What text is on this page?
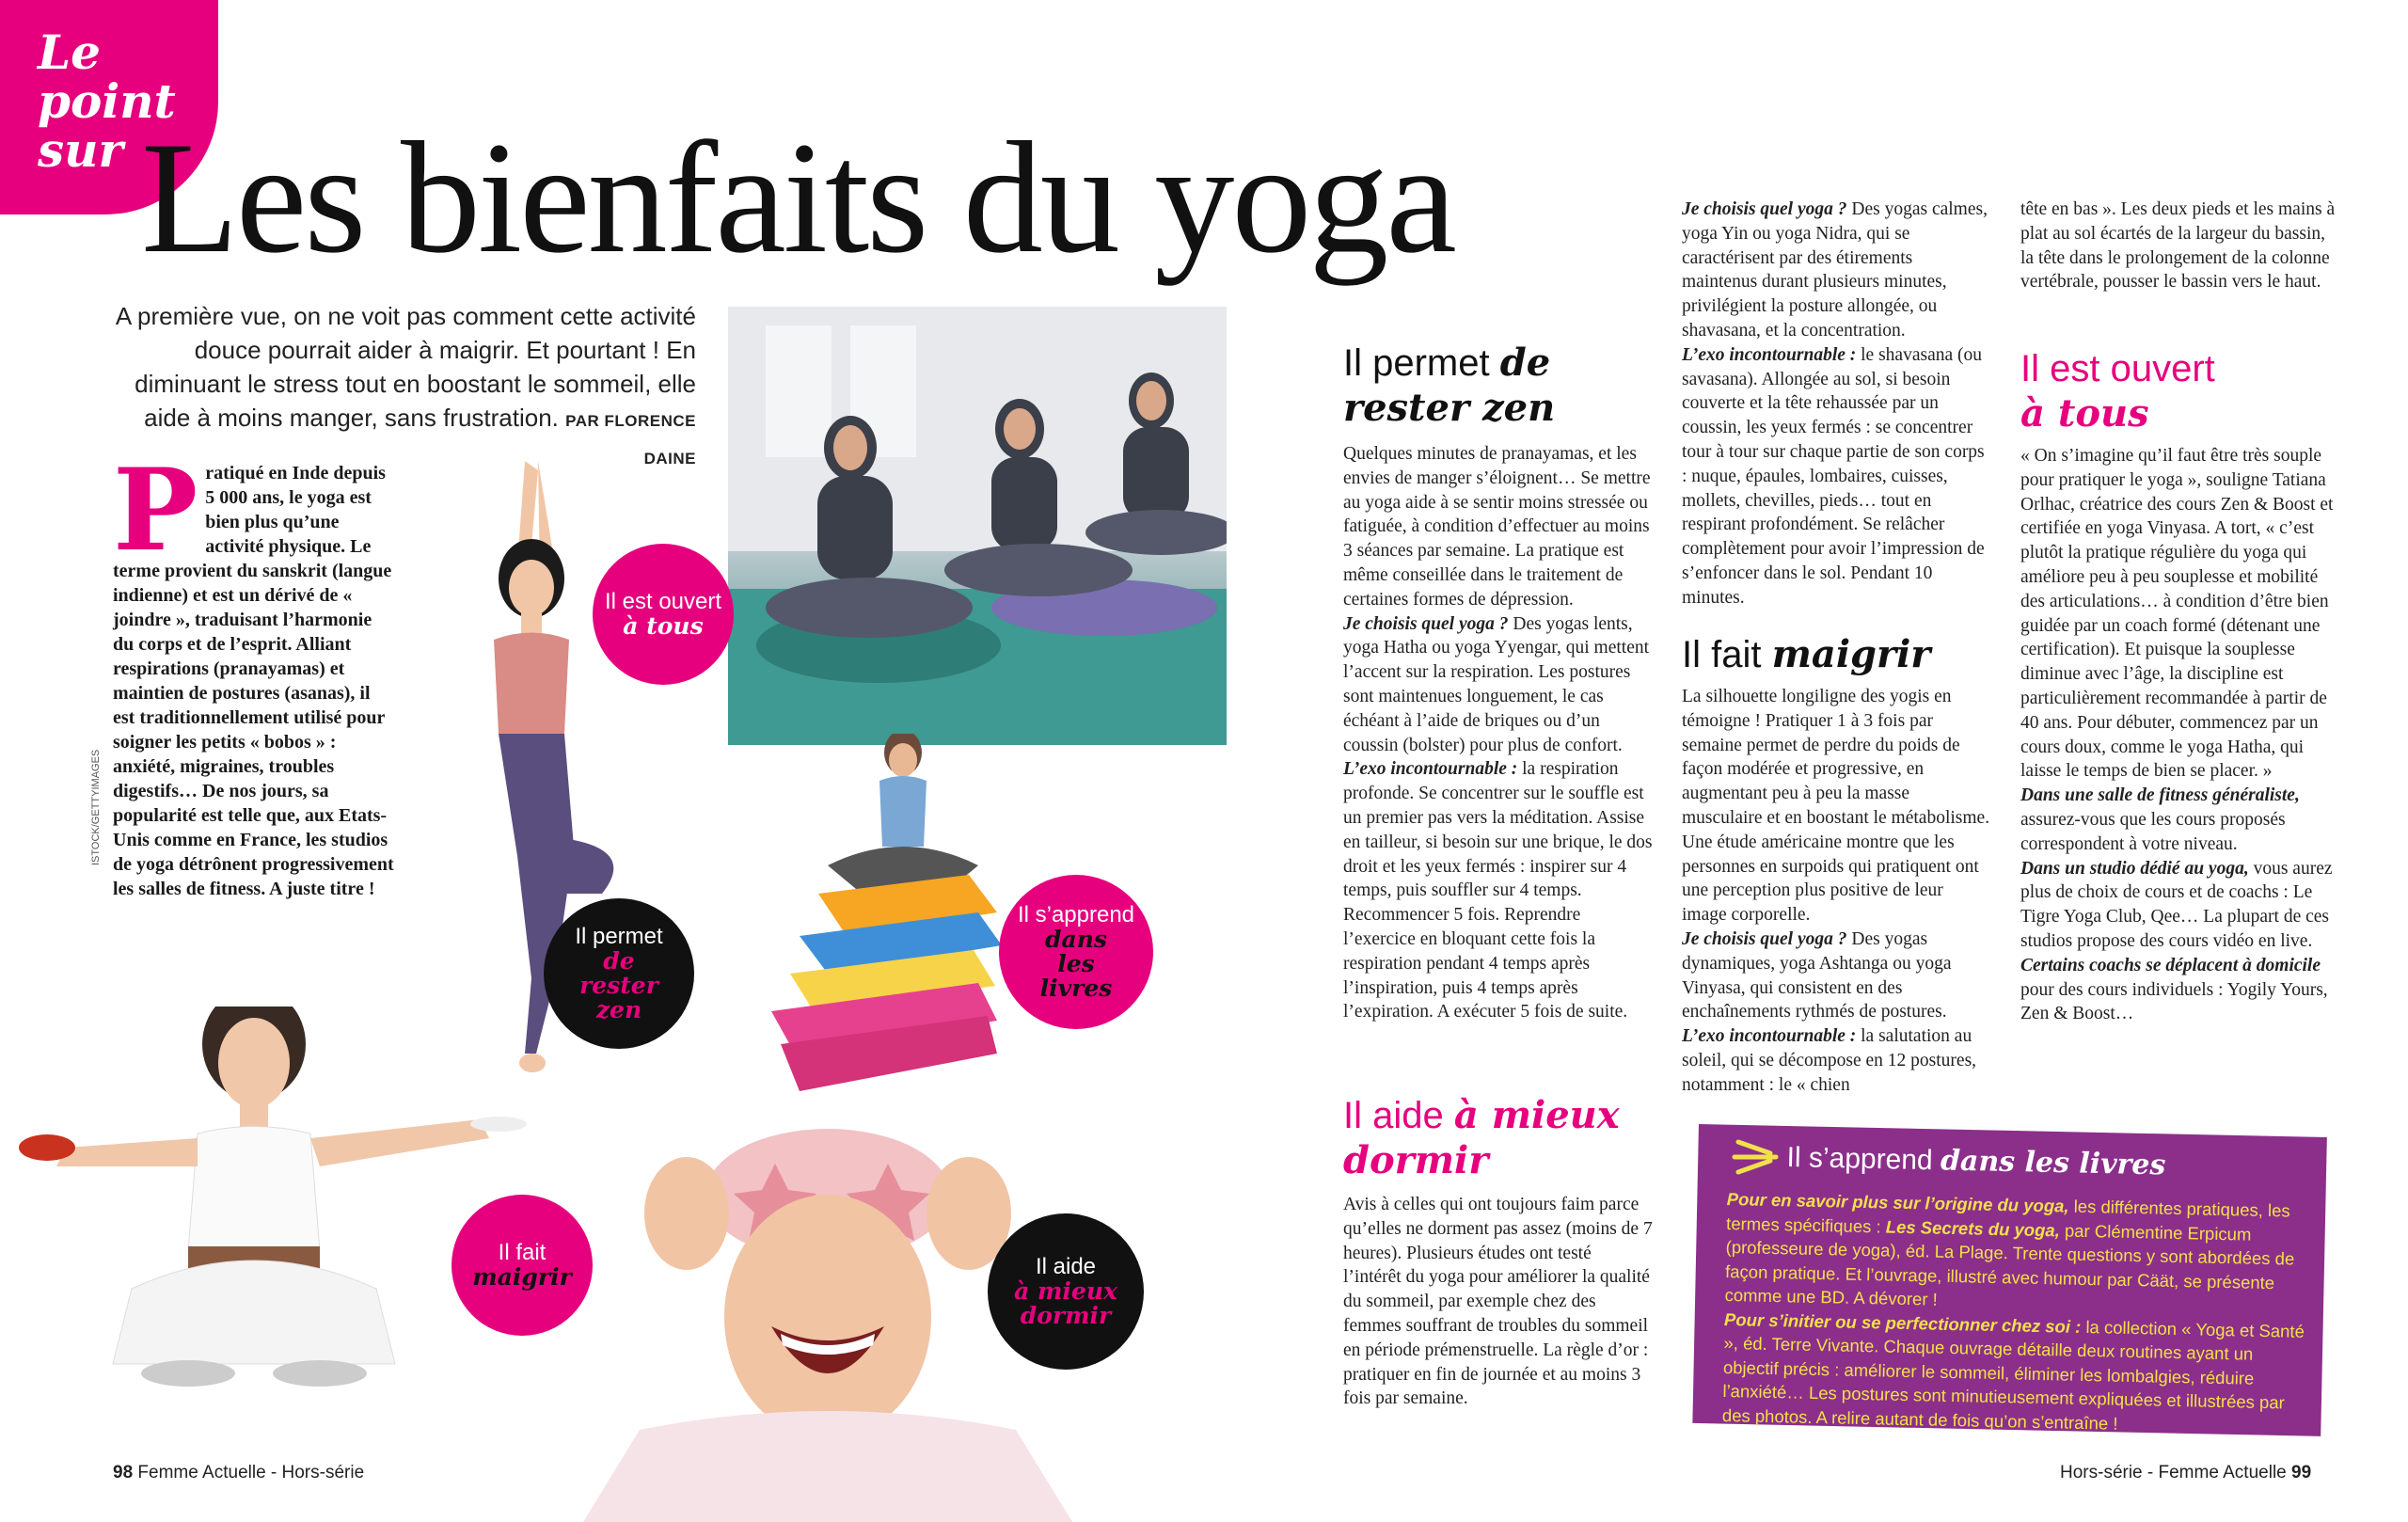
Le
point
sur Les bienfaits du yoga
A première vue, on ne voit pas comment cette activité douce pourrait aider à maigrir. Et pourtant ! En diminuant le stress tout en boostant le sommeil, elle aide à moins manger, sans frustration. PAR FLORENCE DAINE
P ratiqué en Inde depuis 5 000 ans, le yoga est bien plus qu’une activité physique. Le terme provient du sanskrit (langue indienne) et est un dérivé de « joindre », traduisant l’harmonie du corps et de l’esprit. Alliant respirations (pranayamas) et maintien de postures (asanas), il est traditionnellement utilisé pour soigner les petits « bobos » : anxiété, migraines, troubles digestifs… De nos jours, sa popularité est telle que, aux Etats-Unis comme en France, les studios de yoga détrônent progressivement les salles de fitness. A juste titre !
ISTOCK/GETTYIMAGES
Il est ouvert
à tous
Il permet
de rester zen
Il s’apprend
dans les livres
Il fait
maigrir	Il aide
à mieux dormir
Il permet de rester zen

Quelques minutes de pranayamas, et les envies de manger s’éloignent… Se mettre au yoga aide à se sentir moins stressée ou fatiguée, à condition d’effectuer au moins 3 séances par semaine. La pratique est même conseillée dans le traitement de certaines formes de dépression.

Je choisis quel yoga ? Des yogas lents, yoga Hatha ou yoga Yyengar, qui mettent l’accent sur la respiration. Les postures sont maintenues longuement, le cas échéant à l’aide de briques ou d’un coussin (bolster) pour plus de confort.

L’exo incontournable : la respiration profonde. Se concentrer sur le souffle est un premier pas vers la méditation. Assise en tailleur, si besoin sur une brique, le dos droit et les yeux fermés : inspirer sur 4 temps, puis souffler sur 4 temps. Recommencer 5 fois. Reprendre l’exercice en bloquant cette fois la respiration pendant 4 temps après l’inspiration, puis 4 temps après l’expiration. A exécuter 5 fois de suite.

Il aide à mieux dormir

Avis à celles qui ont toujours faim parce qu’elles ne dorment pas assez (moins de 7 heures). Plusieurs études ont testé l’intérêt du yoga pour améliorer la qualité du sommeil, par exemple chez des femmes souffrant de troubles du sommeil en période prémenstruelle. La règle d’or : pratiquer en fin de journée et au moins 3 fois par semaine.

Je choisis quel yoga ? Des yogas calmes, yoga Yin ou yoga Nidra, qui se caractérisent par des étirements maintenus durant plusieurs minutes, privilégient la posture allongée, ou shavasana, et la concentration.

L’exo incontournable : le shavasana (ou savasana). Allongée au sol, si besoin couverte et la tête rehaussée par un coussin, les yeux fermés : se concentrer tour à tour sur chaque partie de son corps : nuque, épaules, lombaires, cuisses, mollets, chevilles, pieds… tout en respirant profondément. Se relâcher complètement pour avoir l’impression de s’enfoncer dans le sol. Pendant 10 minutes.

Il fait maigrir

La silhouette longiligne des yogis en témoigne ! Pratiquer 1 à 3 fois par semaine permet de perdre du poids de façon modérée et progressive, en augmentant peu à peu la masse musculaire et en boostant le métabolisme. Une étude américaine montre que les personnes en surpoids qui pratiquent ont une perception plus positive de leur image corporelle.

Je choisis quel yoga ? Des yogas dynamiques, yoga Ashtanga ou yoga Vinyasa, qui consistent en des enchaînements rythmés de postures.

L’exo incontournable : la salutation au soleil, qui se décompose en 12 postures, notamment : le « chien

tête en bas ». Les deux pieds et les mains à plat au sol écartés de la largeur du bassin, la tête dans le prolongement de la colonne vertébrale, pousser le bassin vers le haut.

Il est ouvert
à tous

« On s’imagine qu’il faut être très souple pour pratiquer le yoga », souligne Tatiana Orlhac, créatrice des cours Zen & Boost et certifiée en yoga Vinyasa. A tort, « c’est plutôt la pratique régulière du yoga qui améliore peu à peu souplesse et mobilité des articulations… à condition d’être bien guidée par un coach formé (détenant une certification). Et puisque la souplesse diminue avec l’âge, la discipline est particulièrement recommandée à partir de 40 ans. Pour débuter, commencez par un cours doux, comme le yoga Hatha, qui laisse le temps de bien se placer. »

Dans une salle de fitness généraliste, assurez-vous que les cours proposés correspondent à votre niveau.

Dans un studio dédié au yoga, vous aurez plus de choix de cours et de coachs : Le Tigre Yoga Club, Qee… La plupart de ces studios propose des cours vidéo en live.

Certains coachs se déplacent à domicile pour des cours individuels : Yogily Yours, Zen & Boost…

Il s’apprend dans les livres
Pour en savoir plus sur l’origine du yoga, les différentes pratiques, les termes spécifiques : Les Secrets du yoga, par Clémentine Erpicum (professeure de yoga), éd. La Plage. Trente questions y sont abordées de façon pratique. Et l’ouvrage, illustré avec humour par Cäät, se présente comme une BD. A dévorer !
Pour s’initier ou se perfectionner chez soi : la collection « Yoga et Santé », éd. Terre Vivante. Chaque ouvrage détaille deux routines ayant un objectif précis : améliorer le sommeil, éliminer les lombalgies, réduire l’anxiété… Les postures sont minutieusement expliquées et illustrées par des photos. A relire autant de fois qu’on s’entraîne !
98 Femme Actuelle - Hors-série	Hors-série - Femme Actuelle 99
